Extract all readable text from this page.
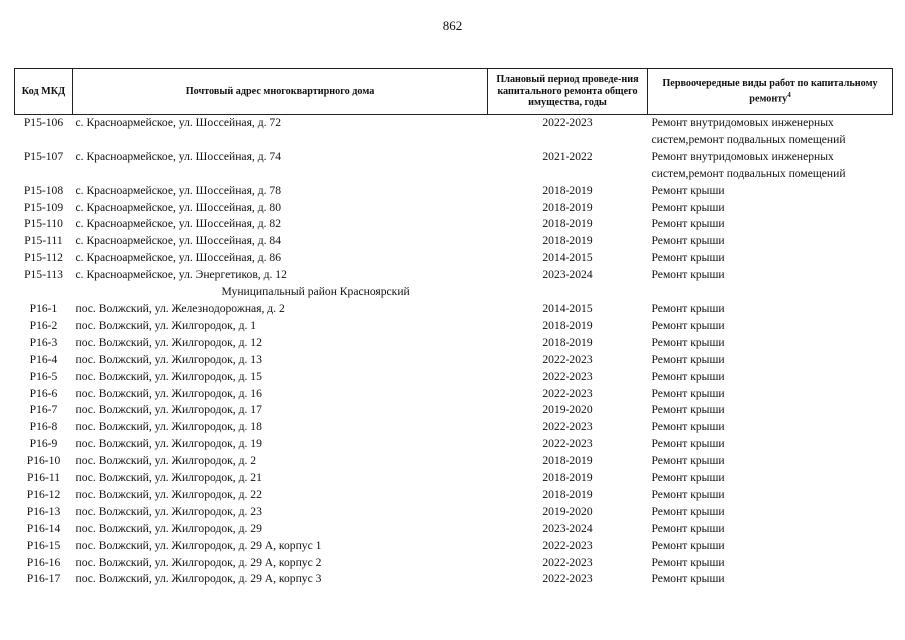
862
Код МКД	Почтовый адрес многоквартирного дома	Плановый период проведе-ния капитального ремонта общего имущества, годы	Первоочередные виды работ по капитальному ремонту$^4$
Р15-106	с. Красноармейское, ул. Шоссейная, д. 72	2022-2023	Ремонт внутридомовых инженерных систем,ремонт подвальных помещений
Р15-107	с. Красноармейское, ул. Шоссейная, д. 74	2021-2022	Ремонт внутридомовых инженерных систем,ремонт подвальных помещений
Р15-108	с. Красноармейское, ул. Шоссейная, д. 78	2018-2019	Ремонт крыши
Р15-109	с. Красноармейское, ул. Шоссейная, д. 80	2018-2019	Ремонт крыши
Р15-110	с. Красноармейское, ул. Шоссейная, д. 82	2018-2019	Ремонт крыши
Р15-111	с. Красноармейское, ул. Шоссейная, д. 84	2018-2019	Ремонт крыши
Р15-112	с. Красноармейское, ул. Шоссейная, д. 86	2014-2015	Ремонт крыши
Р15-113	с. Красноармейское, ул. Энергетиков, д. 12	2023-2024	Ремонт крыши
Муниципальный район Красноярский			
Р16-1	пос. Волжский, ул. Железнодорожная, д. 2	2014-2015	Ремонт крыши
Р16-2	пос. Волжский, ул. Жилгородок, д. 1	2018-2019	Ремонт крыши
Р16-3	пос. Волжский, ул. Жилгородок, д. 12	2018-2019	Ремонт крыши
Р16-4	пос. Волжский, ул. Жилгородок, д. 13	2022-2023	Ремонт крыши
Р16-5	пос. Волжский, ул. Жилгородок, д. 15	2022-2023	Ремонт крыши
Р16-6	пос. Волжский, ул. Жилгородок, д. 16	2022-2023	Ремонт крыши
Р16-7	пос. Волжский, ул. Жилгородок, д. 17	2019-2020	Ремонт крыши
Р16-8	пос. Волжский, ул. Жилгородок, д. 18	2022-2023	Ремонт крыши
Р16-9	пос. Волжский, ул. Жилгородок, д. 19	2022-2023	Ремонт крыши
Р16-10	пос. Волжский, ул. Жилгородок, д. 2	2018-2019	Ремонт крыши
Р16-11	пос. Волжский, ул. Жилгородок, д. 21	2018-2019	Ремонт крыши
Р16-12	пос. Волжский, ул. Жилгородок, д. 22	2018-2019	Ремонт крыши
Р16-13	пос. Волжский, ул. Жилгородок, д. 23	2019-2020	Ремонт крыши
Р16-14	пос. Волжский, ул. Жилгородок, д. 29	2023-2024	Ремонт крыши
Р16-15	пос. Волжский, ул. Жилгородок, д. 29 А, корпус 1	2022-2023	Ремонт крыши
Р16-16	пос. Волжский, ул. Жилгородок, д. 29 А, корпус 2	2022-2023	Ремонт крыши
Р16-17	пос. Волжский, ул. Жилгородок, д. 29 А, корпус 3	2022-2023	Ремонт крыши
